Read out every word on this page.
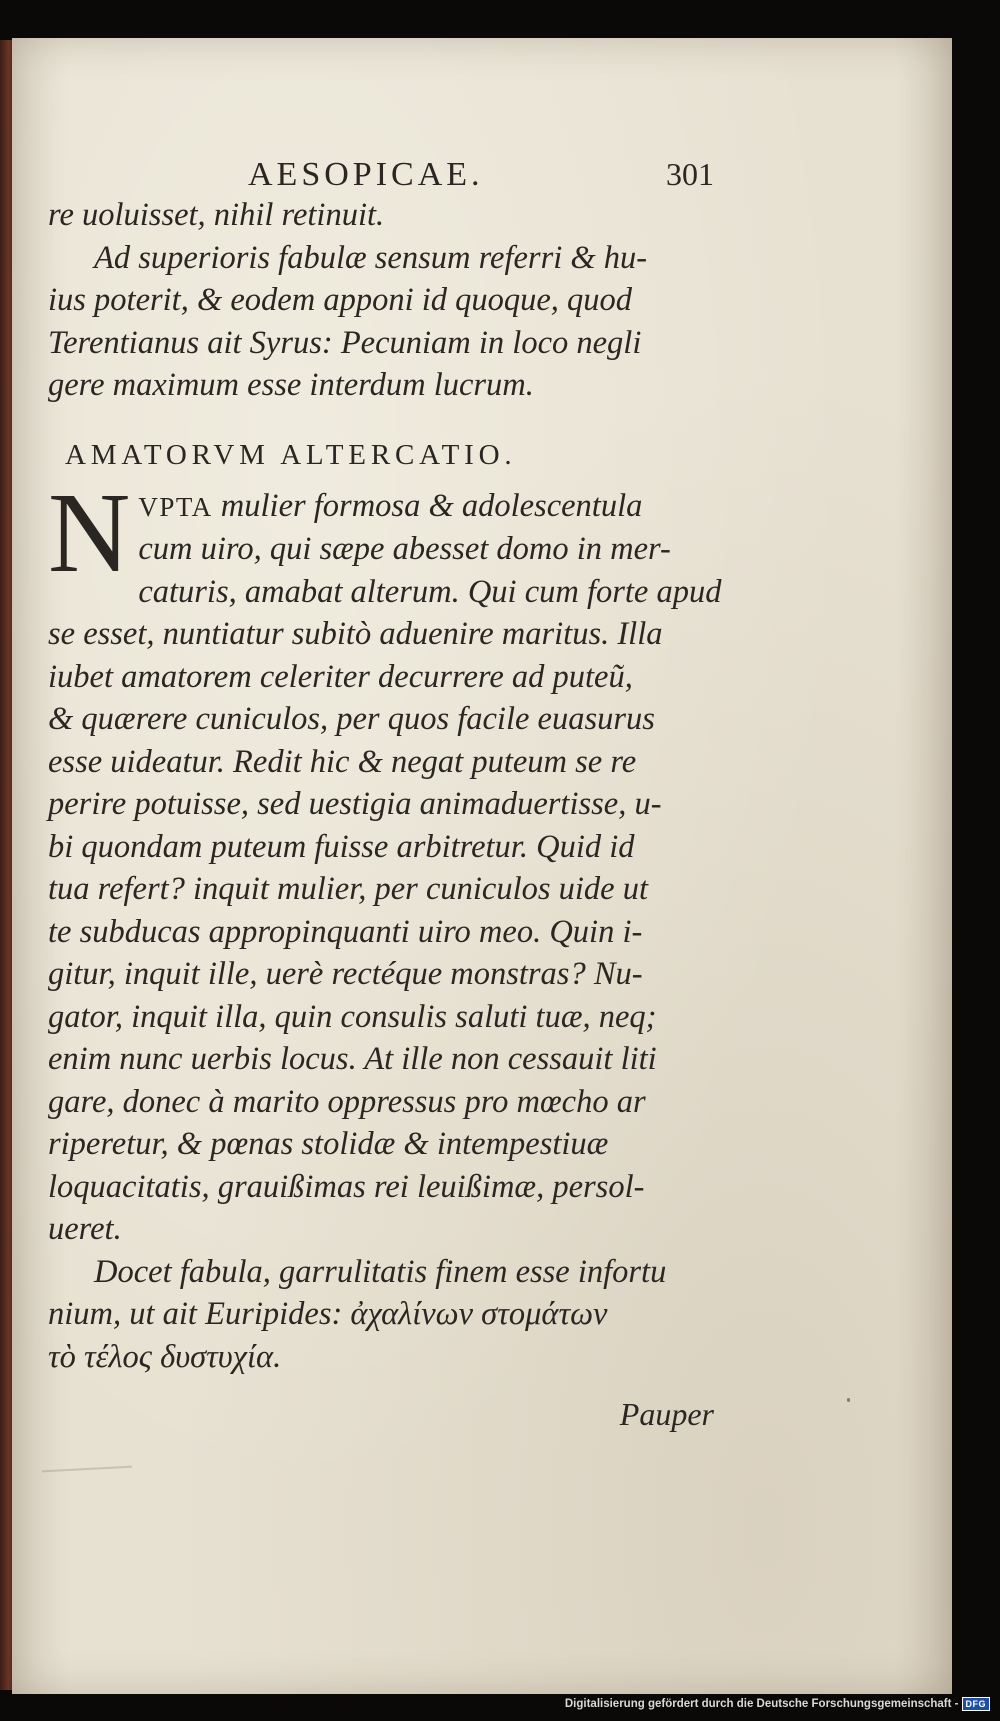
AESOPICAE.	301

re uoluisset, nihil retinuit.

Ad superioris fabulæ sensum referri & hu-
ius poterit, & eodem apponi id quoque, quod
Terentianus ait Syrus: Pecuniam in loco negli
gere maximum esse interdum lucrum.

AMATORVM ALTERCATIO.

N VPTA mulier formosa & adolescentula
cum uiro, qui sæpe abesset domo in mer-
caturis, amabat alterum. Qui cum forte apud
se esset, nuntiatur subitò aduenire maritus. Illa
iubet amatorem celeriter decurrere ad puteũ,
& quærere cuniculos, per quos facile euasurus
esse uideatur. Redit hic & negat puteum se re
perire potuisse, sed uestigia animaduertisse, u-
bi quondam puteum fuisse arbitretur. Quid id
tua refert? inquit mulier, per cuniculos uide ut
te subducas appropinquanti uiro meo. Quin i-
gitur, inquit ille, uerè rectéque monstras? Nu-
gator, inquit illa, quin consulis saluti tuæ, neq;
enim nunc uerbis locus. At ille non cessauit liti
gare, donec à marito oppressus pro mœcho ar
riperetur, & pœnas stolidæ & intempestiuæ
loquacitatis, grauißimas rei leuißimæ, persol-
ueret.

Docet fabula, garrulitatis finem esse infortu
nium, ut ait Euripides: ἀχαλίνων στομάτων
τὸ τέλος δυστυχία.

Pauper
Digitalisierung gefördert durch die Deutsche Forschungsgemeinschaft - DFG
